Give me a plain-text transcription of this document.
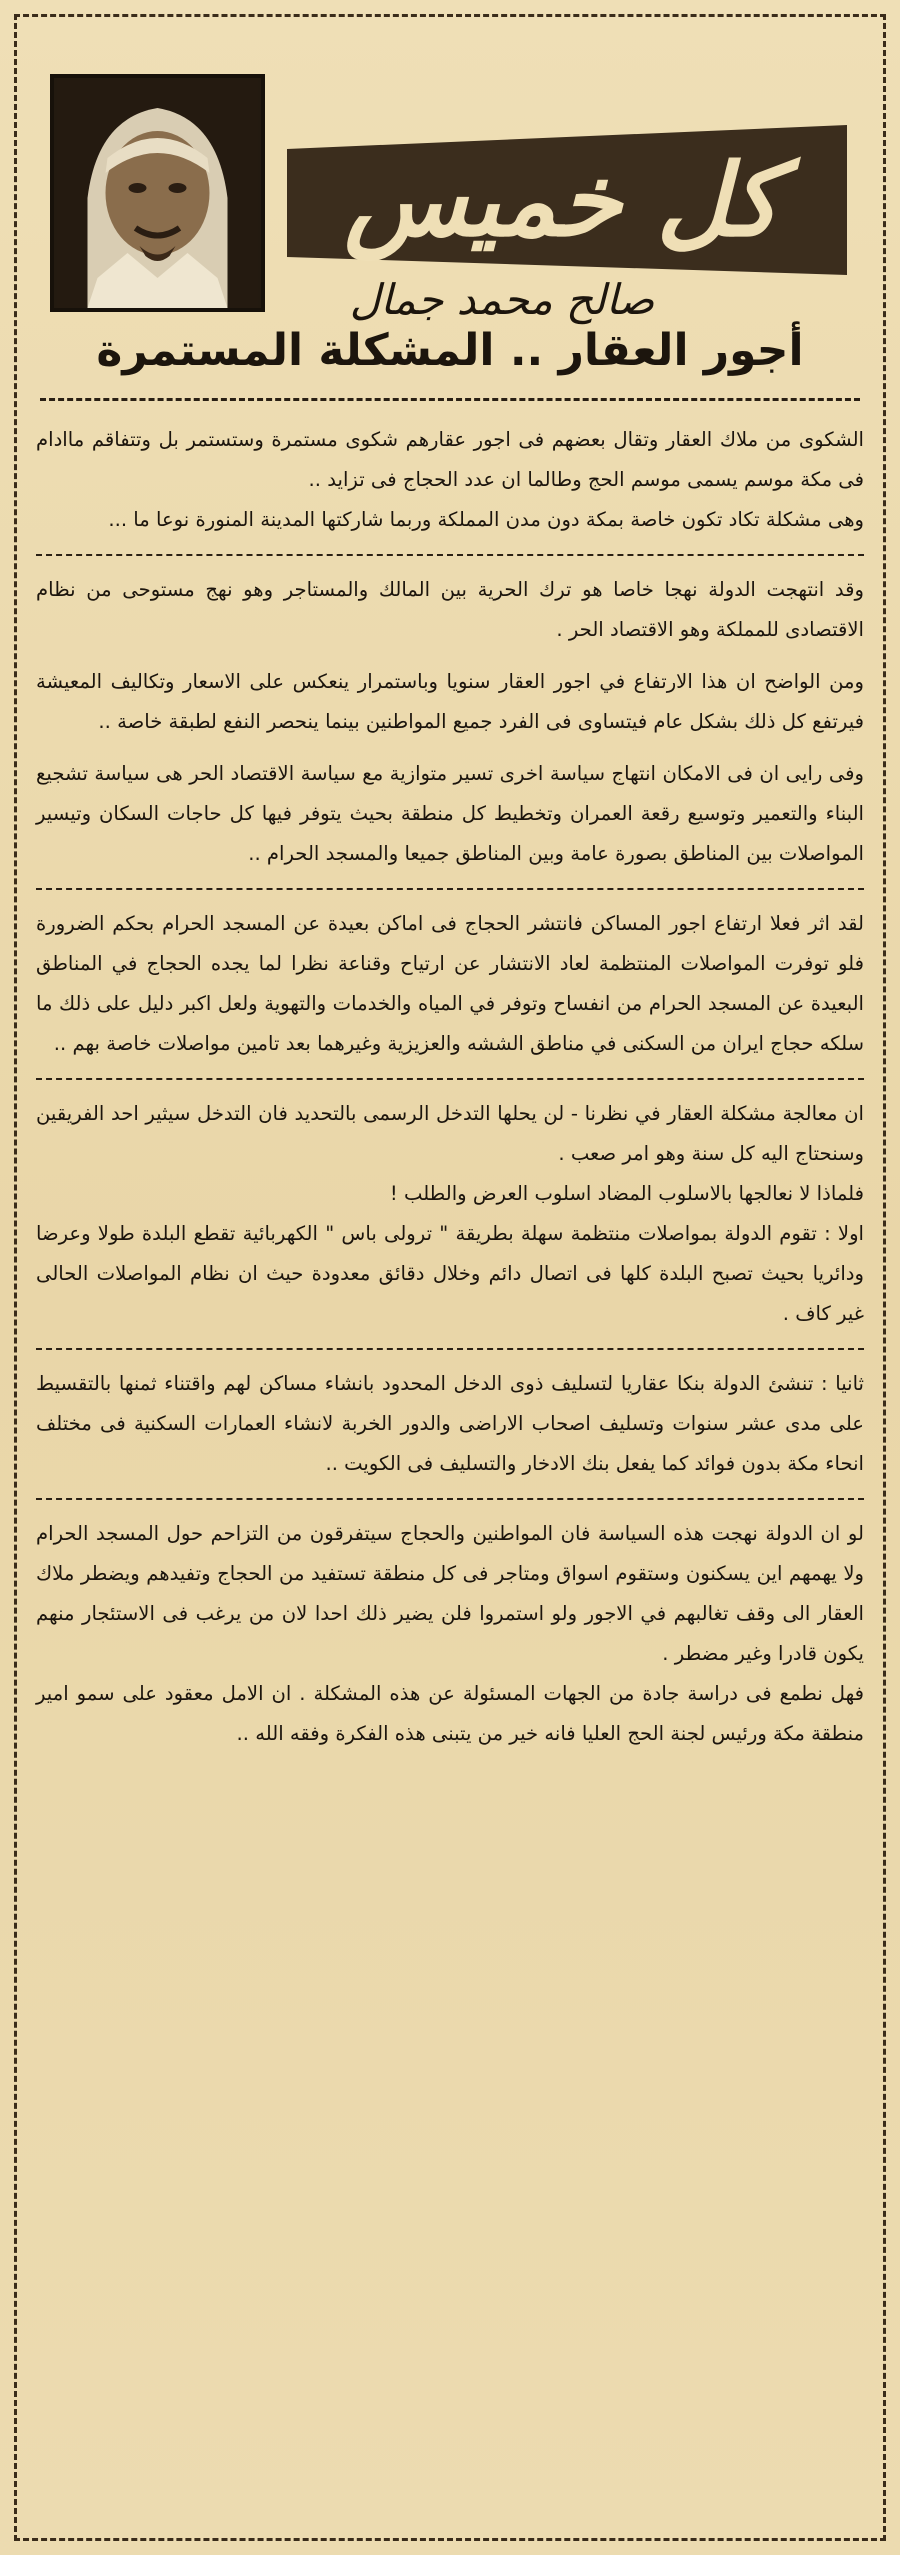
كل خميس
صالح محمد جمال
أجور العقار .. المشكلة المستمرة

الشكوى من ملاك العقار وتقال بعضهم فى اجور عقارهم شكوى مستمرة وستستمر بل وتتفاقم ماادام فى مكة موسم يسمى موسم الحج وطالما ان عدد الحجاج فى تزايد ..

وهى مشكلة تكاد تكون خاصة بمكة دون مدن المملكة وربما شاركتها المدينة المنورة نوعا ما ...

وقد انتهجت الدولة نهجا خاصا هو ترك الحرية بين المالك والمستاجر وهو نهج مستوحى من نظام الاقتصادى للمملكة وهو الاقتصاد الحر .

ومن الواضح ان هذا الارتفاع في اجور العقار سنويا وباستمرار ينعكس على الاسعار وتكاليف المعيشة فيرتفع كل ذلك بشكل عام فيتساوى فى الفرد جميع المواطنين بينما ينحصر النفع لطبقة خاصة ..

وفى رايى ان فى الامكان انتهاج سياسة اخرى تسير متوازية مع سياسة الاقتصاد الحر هى سياسة تشجيع البناء والتعمير وتوسيع رقعة العمران وتخطيط كل منطقة بحيث يتوفر فيها كل حاجات السكان وتيسير المواصلات بين المناطق بصورة عامة وبين المناطق جميعا والمسجد الحرام ..

لقد اثر فعلا ارتفاع اجور المساكن فانتشر الحجاج فى اماكن بعيدة عن المسجد الحرام بحكم الضرورة فلو توفرت المواصلات المنتظمة لعاد الانتشار عن ارتياح وقناعة نظرا لما يجده الحجاج في المناطق البعيدة عن المسجد الحرام من انفساح وتوفر في المياه والخدمات والتهوية ولعل اكبر دليل على ذلك ما سلكه حجاج ايران من السكنى في مناطق الششه والعزيزية وغيرهما بعد تامين مواصلات خاصة بهم ..

ان معالجة مشكلة العقار في نظرنا - لن يحلها التدخل الرسمى بالتحديد فان التدخل سيثير احد الفريقين وسنحتاج اليه كل سنة وهو امر صعب .

فلماذا لا نعالجها بالاسلوب المضاد اسلوب العرض والطلب !

اولا : تقوم الدولة بمواصلات منتظمة سهلة بطريقة " ترولى باس " الكهربائية تقطع البلدة طولا وعرضا ودائريا بحيث تصبح البلدة كلها فى اتصال دائم وخلال دقائق معدودة حيث ان نظام المواصلات الحالى غير كاف .

ثانيا : تنشئ الدولة بنكا عقاريا لتسليف ذوى الدخل المحدود بانشاء مساكن لهم واقتناء ثمنها بالتقسيط على مدى عشر سنوات وتسليف اصحاب الاراضى والدور الخربة لانشاء العمارات السكنية فى مختلف انحاء مكة بدون فوائد كما يفعل بنك الادخار والتسليف فى الكويت ..

لو ان الدولة نهجت هذه السياسة فان المواطنين والحجاج سيتفرقون من التزاحم حول المسجد الحرام ولا يهمهم اين يسكنون وستقوم اسواق ومتاجر فى كل منطقة تستفيد من الحجاج وتفيدهم ويضطر ملاك العقار الى وقف تغالبهم في الاجور ولو استمروا فلن يضير ذلك احدا لان من يرغب فى الاستئجار منهم يكون قادرا وغير مضطر .

فهل نطمع فى دراسة جادة من الجهات المسئولة عن هذه المشكلة . ان الامل معقود على سمو امير منطقة مكة ورئيس لجنة الحج العليا فانه خير من يتبنى هذه الفكرة وفقه الله ..
